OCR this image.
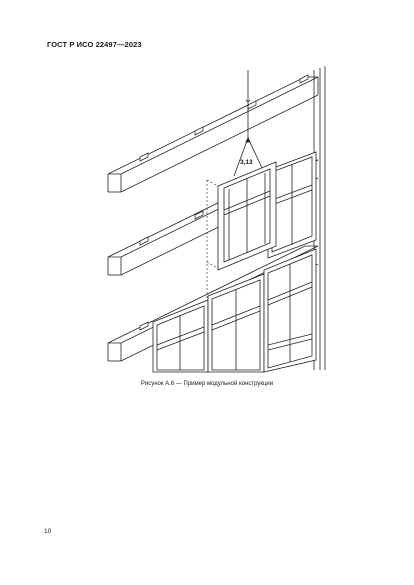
ГОСТ Р ИСО 22497—2023
3,13
Рисунок А.6 — Пример модульной конструкции
10
